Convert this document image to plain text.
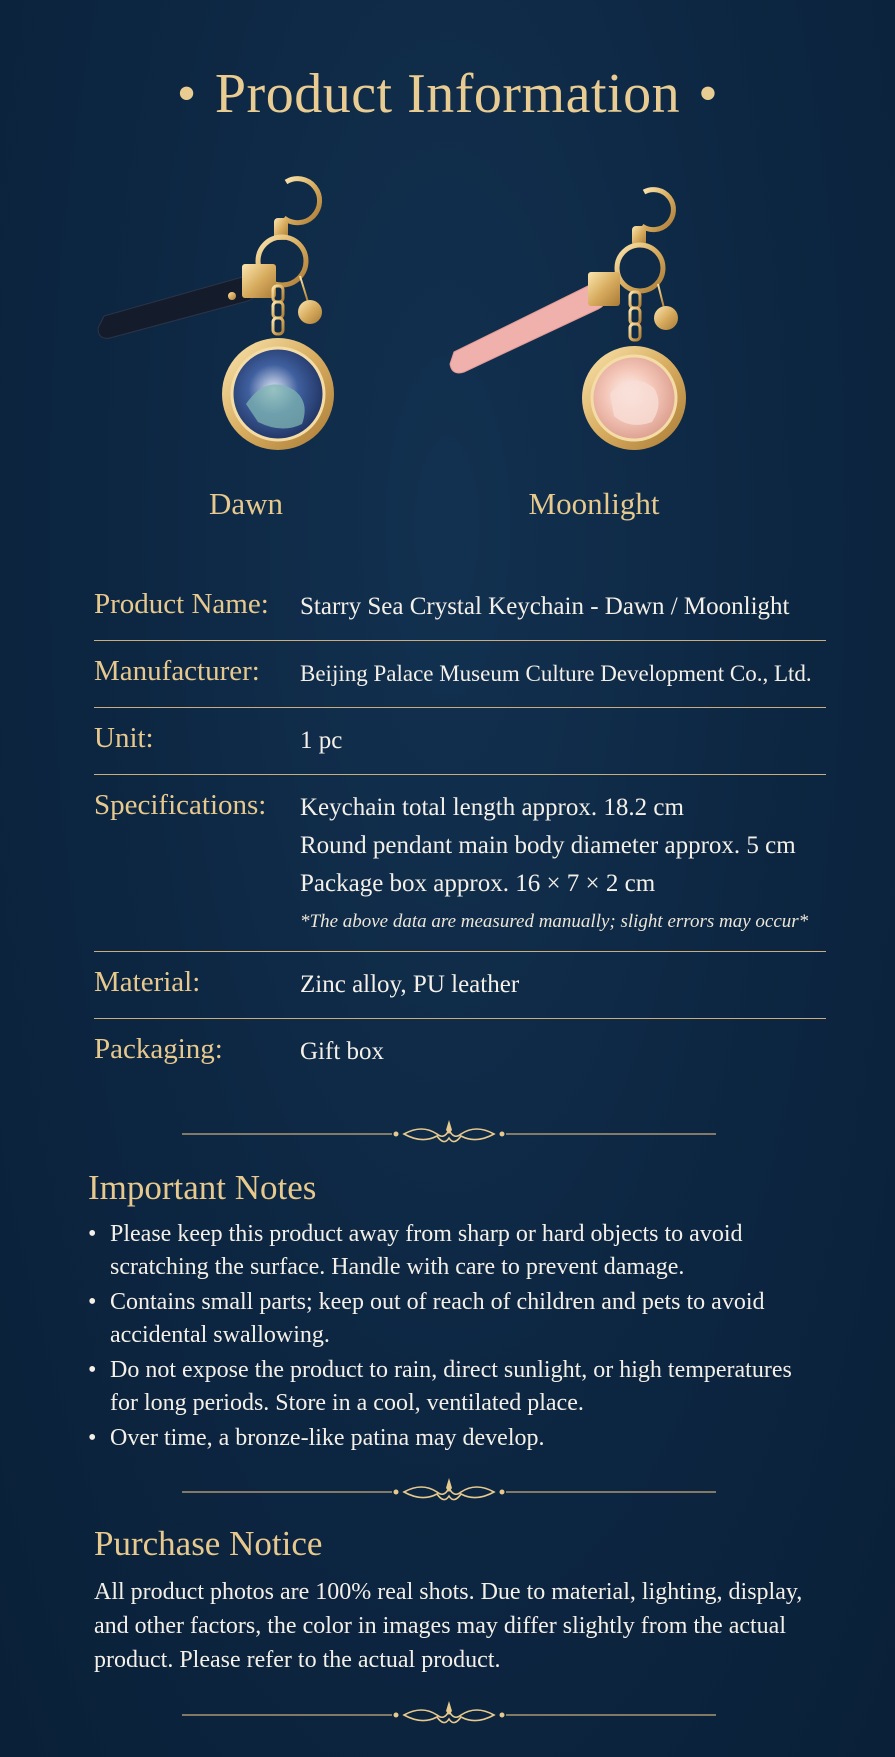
• Product Information •
Dawn	Moonlight
Product Name:	Starry Sea Crystal Keychain - Dawn / Moonlight
Manufacturer:	Beijing Palace Museum Culture Development Co., Ltd.
Unit:	1 pc
Specifications:	Keychain total length approx. 18.2 cm
Round pendant main body diameter approx. 5 cm
Package box approx. 16 × 7 × 2 cm
*The above data are measured manually; slight errors may occur*
Material:	Zinc alloy, PU leather
Packaging:	Gift box
Important Notes
• Please keep this product away from sharp or hard objects to avoid scratching the surface. Handle with care to prevent damage.
• Contains small parts; keep out of reach of children and pets to avoid accidental swallowing.
• Do not expose the product to rain, direct sunlight, or high temperatures for long periods. Store in a cool, ventilated place.
• Over time, a bronze-like patina may develop.
Purchase Notice
All product photos are 100% real shots. Due to material, lighting, display, and other factors, the color in images may differ slightly from the actual product. Please refer to the actual product.
